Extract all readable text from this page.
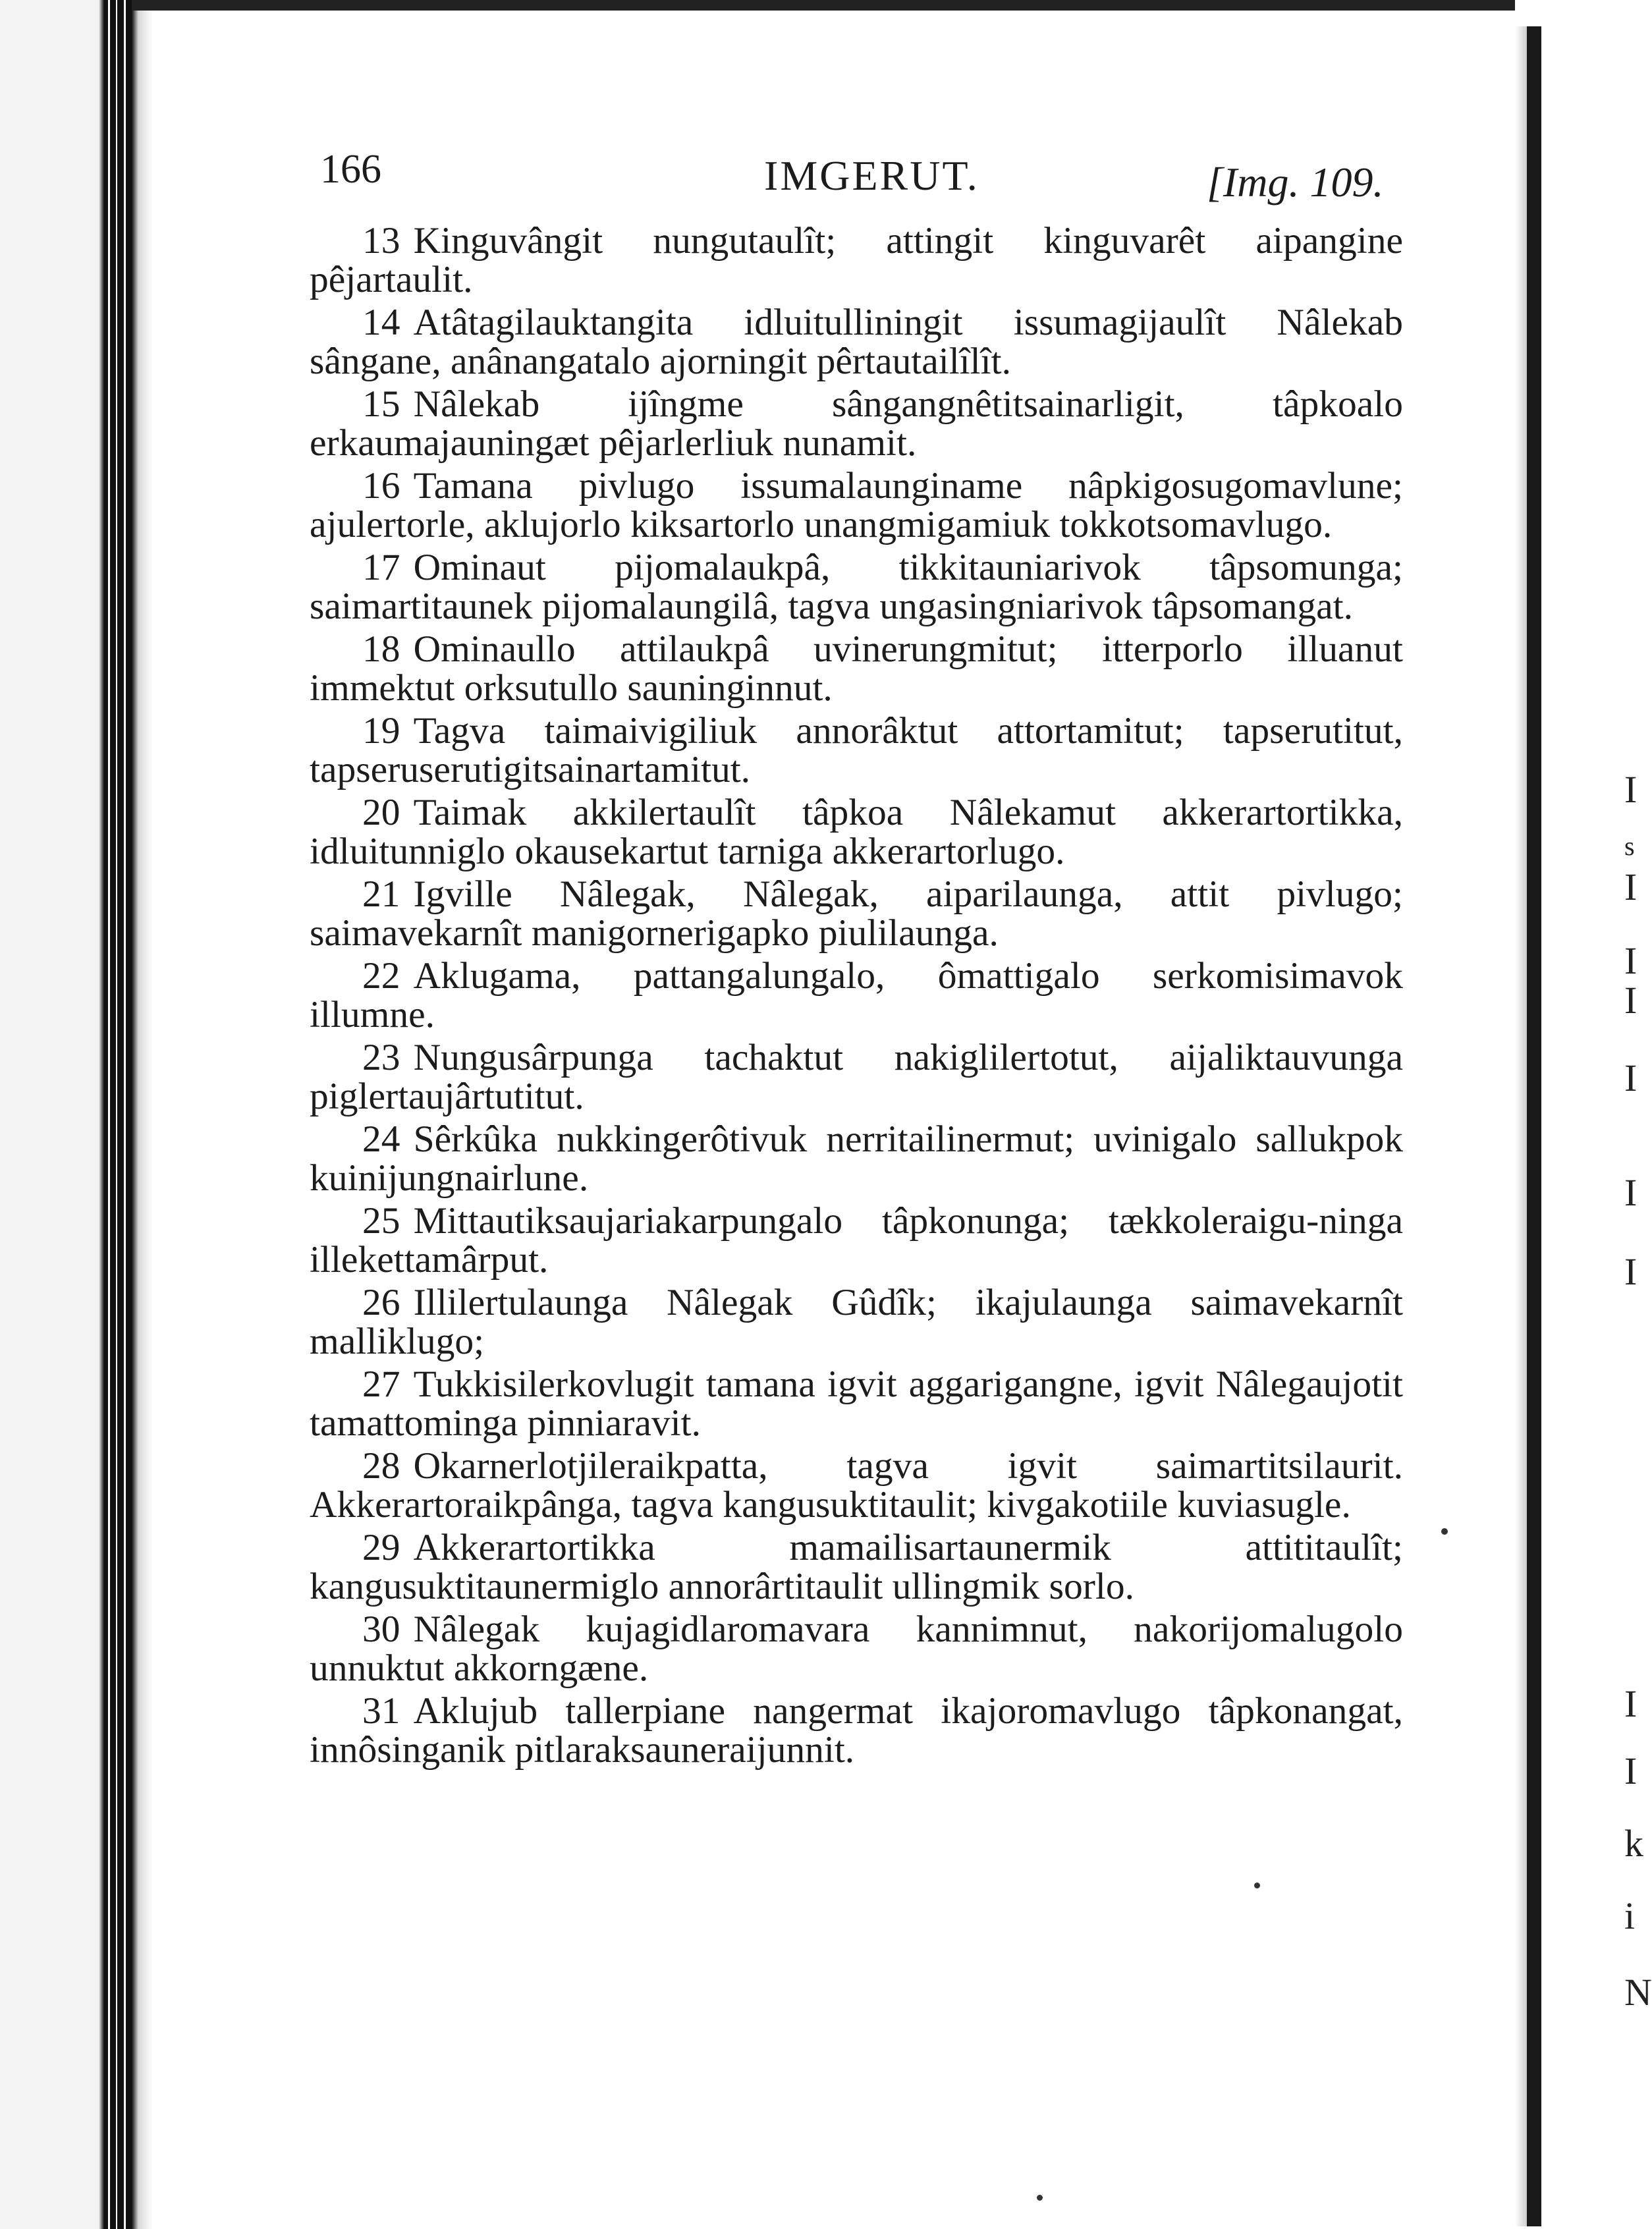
I
s
I
I
I
I
I
I
I
I
k
i
N
166	IMGERUT.	[Img. 109.

13 Kinguvângit nungutaulît; attingit kinguvarêt aipangine pêjartaulit.

14 Atâtagilauktangita idluitulliningit issumagijaulît Nâlekab sângane, anânangatalo ajorningit pêrtautailîlît.

15 Nâlekab ijîngme sângangnêtitsainarligit, tâpkoalo erkaumajauningæt pêjarlerliuk nunamit.

16 Tamana pivlugo issumalaunginame nâpkigosugomavlune; ajulertorle, aklujorlo kiksartorlo unangmigamiuk tokkotsomavlugo.

17 Ominaut pijomalaukpâ, tikkitauniarivok tâpsomunga; saimartitaunek pijomalaungilâ, tagva ungasingniarivok tâpsomangat.

18 Ominaullo attilaukpâ uvinerungmitut; itterporlo illuanut immektut orksutullo sauninginnut.

19 Tagva taimaivigiliuk annorâktut attortamitut; tapserutitut, tapseruserutigitsainartamitut.

20 Taimak akkilertaulît tâpkoa Nâlekamut akkerartortikka, idluitunniglo okausekartut tarniga akkerartorlugo.

21 Igville Nâlegak, Nâlegak, aiparilaunga, attit pivlugo; saimavekarnît manigornerigapko piulilaunga.

22 Aklugama, pattangalungalo, ômattigalo serkomisimavok illumne.

23 Nungusârpunga tachaktut nakiglilertotut, aijaliktauvunga piglertaujârtutitut.

24 Sêrkûka nukkingerôtivuk nerritailinermut; uvinigalo sallukpok kuinijungnairlune.

25 Mittautiksaujariakarpungalo tâpkonunga; tækkoleraigu-ninga illekettamârput.

26 Illilertulaunga Nâlegak Gûdîk; ikajulaunga saimavekarnît malliklugo;

27 Tukkisilerkovlugit tamana igvit aggarigangne, igvit Nâlegaujotit tamattominga pinniaravit.

28 Okarnerlotjileraikpatta, tagva igvit saimartitsilaurit. Akkerartoraikpânga, tagva kangusuktitaulit; kivgakotiile kuviasugle.

29 Akkerartortikka mamailisartaunermik attititaulît; kangusuktitaunermiglo annorârtitaulit ullingmik sorlo.

30 Nâlegak kujagidlaromavara kannimnut, nakorijomalugolo unnuktut akkorngæne.

31 Aklujub tallerpiane nangermat ikajoromavlugo tâpkonangat, innôsinganik pitlaraksauneraijunnit.
